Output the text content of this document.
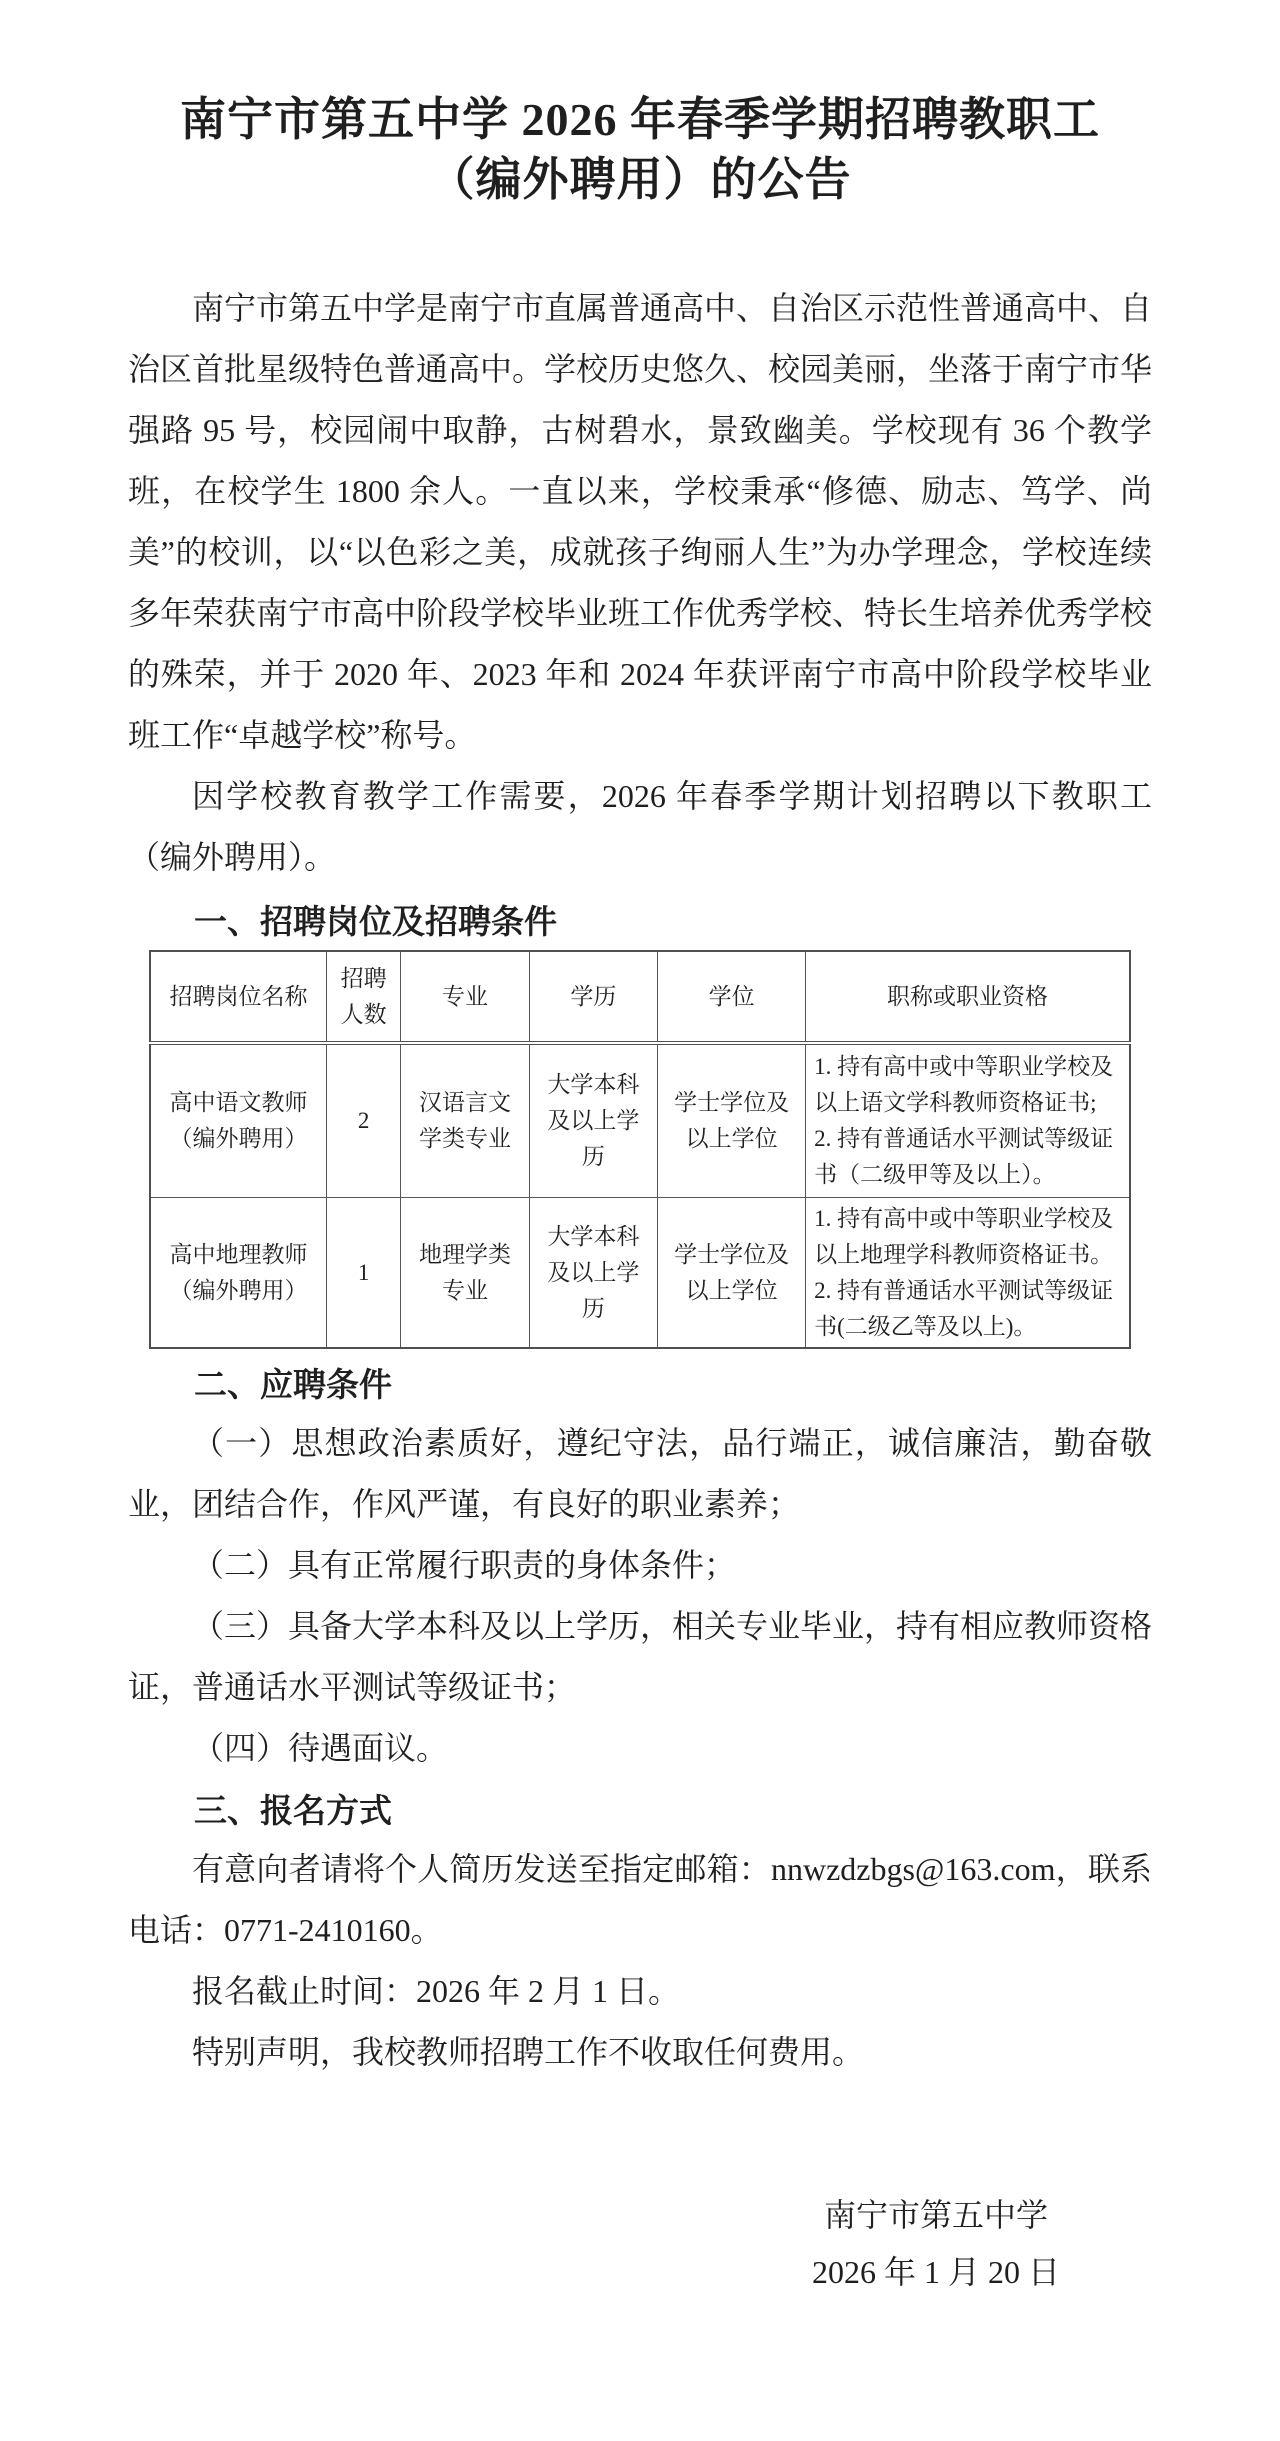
南宁市第五中学 2026 年春季学期招聘教职工
（编外聘用）的公告

南宁市第五中学是南宁市直属普通高中、自治区示范性普通高中、自治区首批星级特色普通高中。学校历史悠久、校园美丽，坐落于南宁市华强路 95 号，校园闹中取静，古树碧水，景致幽美。学校现有 36 个教学班，在校学生 1800 余人。一直以来，学校秉承“修德、励志、笃学、尚美”的校训，以“以色彩之美，成就孩子绚丽人生”为办学理念，学校连续多年荣获南宁市高中阶段学校毕业班工作优秀学校、特长生培养优秀学校的殊荣，并于 2020 年、2023 年和 2024 年获评南宁市高中阶段学校毕业班工作“卓越学校”称号。

因学校教育教学工作需要，2026 年春季学期计划招聘以下教职工（编外聘用）。

一、招聘岗位及招聘条件
招聘岗位名称	招聘人数	专业	学历	学位	职称或职业资格
高中语文教师（编外聘用）	2	汉语言文学类专业	大学本科及以上学历	学士学位及以上学位	1. 持有高中或中等职业学校及以上语文学科教师资格证书;
2. 持有普通话水平测试等级证书（二级甲等及以上）。

高中地理教师（编外聘用）	1	地理学类专业	大学本科及以上学历	学士学位及以上学位	1. 持有高中或中等职业学校及以上地理学科教师资格证书。
2. 持有普通话水平测试等级证书(二级乙等及以上)。
二、应聘条件

（一）思想政治素质好，遵纪守法，品行端正，诚信廉洁，勤奋敬业，团结合作，作风严谨，有良好的职业素养；

（二）具有正常履行职责的身体条件；

（三）具备大学本科及以上学历，相关专业毕业，持有相应教师资格证，普通话水平测试等级证书；

（四）待遇面议。

三、报名方式

有意向者请将个人简历发送至指定邮箱：nnwzdzbgs@163.com，联系电话：0771-2410160。

报名截止时间：2026 年 2 月 1 日。

特别声明，我校教师招聘工作不收取任何费用。

南宁市第五中学
2026 年 1 月 20 日
